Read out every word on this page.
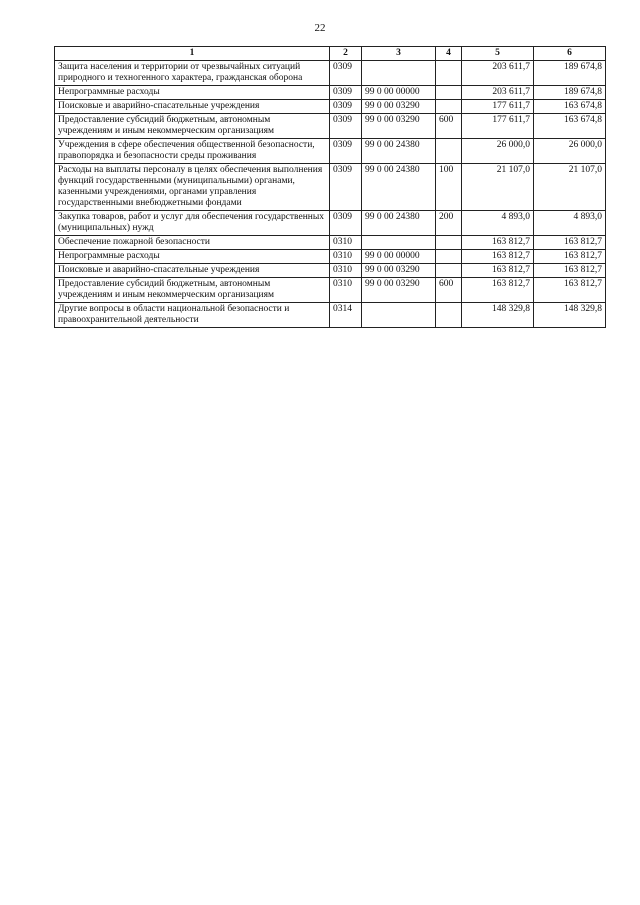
22
1	2	3	4	5	6
Защита населения и территории от чрезвычайных ситуаций природного и техногенного характера, гражданская оборона	0309			203 611,7	189 674,8
Непрограммные расходы	0309	99 0 00 00000		203 611,7	189 674,8
Поисковые и аварийно-спасательные учреждения	0309	99 0 00 03290		177 611,7	163 674,8
Предоставление субсидий бюджетным, автономным учреждениям и иным некоммерческим организациям	0309	99 0 00 03290	600	177 611,7	163 674,8
Учреждения в сфере обеспечения общественной безопасности, правопорядка и безопасности среды проживания	0309	99 0 00 24380		26 000,0	26 000,0
Расходы на выплаты персоналу в целях обеспечения выполнения функций государственными (муниципальными) органами, казенными учреждениями, органами управления государственными внебюджетными фондами	0309	99 0 00 24380	100	21 107,0	21 107,0
Закупка товаров, работ и услуг для обеспечения государственных (муниципальных) нужд	0309	99 0 00 24380	200	4 893,0	4 893,0
Обеспечение пожарной безопасности	0310			163 812,7	163 812,7
Непрограммные расходы	0310	99 0 00 00000		163 812,7	163 812,7
Поисковые и аварийно-спасательные учреждения	0310	99 0 00 03290		163 812,7	163 812,7
Предоставление субсидий бюджетным, автономным учреждениям и иным некоммерческим организациям	0310	99 0 00 03290	600	163 812,7	163 812,7
Другие вопросы в области национальной безопасности и правоохранительной деятельности	0314			148 329,8	148 329,8
